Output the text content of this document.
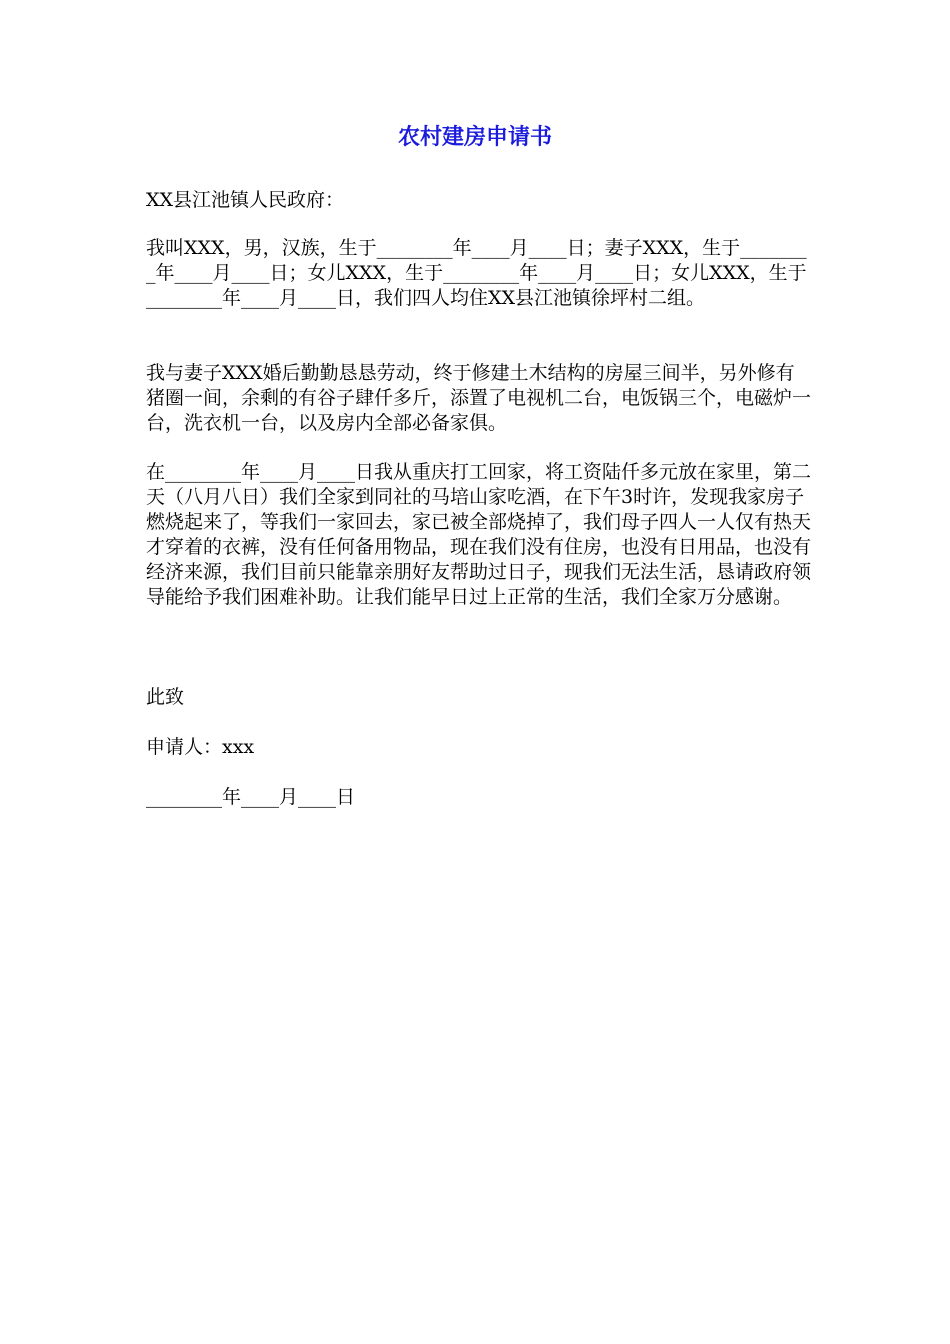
农村建房申请书

XX县江池镇人民政府：

我叫XXX，男，汉族，生于________年____月____日；妻子XXX，生于________年____月____日；女儿XXX，生于________年____月____日；女儿XXX，生于________年____月____日，我们四人均住XX县江池镇徐坪村二组。

我与妻子XXX婚后勤勤恳恳劳动，终于修建土木结构的房屋三间半，另外修有猪圈一间，余剩的有谷子肆仟多斤，添置了电视机二台，电饭锅三个，电磁炉一台，洗衣机一台，以及房内全部必备家俱。

在________年____月____日我从重庆打工回家，将工资陆仟多元放在家里，第二天（八月八日）我们全家到同社的马培山家吃酒，在下午3时许，发现我家房子燃烧起来了，等我们一家回去，家已被全部烧掉了，我们母子四人一人仅有热天才穿着的衣裤，没有任何备用物品，现在我们没有住房，也没有日用品，也没有经济来源，我们目前只能靠亲朋好友帮助过日子，现我们无法生活，恳请政府领导能给予我们困难补助。让我们能早日过上正常的生活，我们全家万分感谢。

此致

申请人：xxx

________年____月____日
